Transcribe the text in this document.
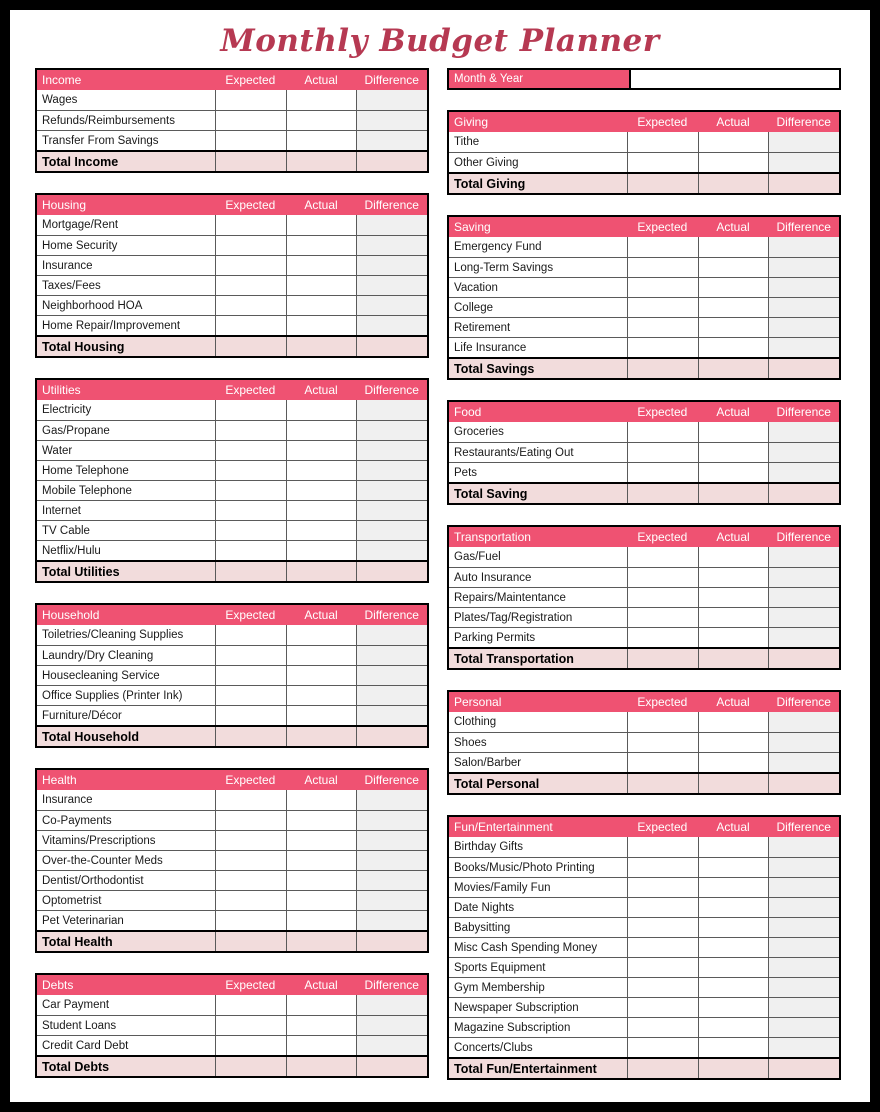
Monthly Budget Planner
Income	Expected	Actual	Difference
Wages
Refunds/Reimbursements
Transfer From Savings
Total Income
Housing	Expected	Actual	Difference
Mortgage/Rent
Home Security
Insurance
Taxes/Fees
Neighborhood HOA
Home Repair/Improvement
Total Housing
Utilities	Expected	Actual	Difference
Electricity
Gas/Propane
Water
Home Telephone
Mobile Telephone
Internet
TV Cable
Netflix/Hulu
Total Utilities
Household	Expected	Actual	Difference
Toiletries/Cleaning Supplies
Laundry/Dry Cleaning
Housecleaning Service
Office Supplies (Printer Ink)
Furniture/Décor
Total Household
Health	Expected	Actual	Difference
Insurance
Co-Payments
Vitamins/Prescriptions
Over-the-Counter Meds
Dentist/Orthodontist
Optometrist
Pet Veterinarian
Total Health
Debts	Expected	Actual	Difference
Car Payment
Student Loans
Credit Card Debt
Total Debts
Month & Year
Giving	Expected	Actual	Difference
Tithe
Other Giving
Total Giving
Saving	Expected	Actual	Difference
Emergency Fund
Long-Term Savings
Vacation
College
Retirement
Life Insurance
Total Savings
Food	Expected	Actual	Difference
Groceries
Restaurants/Eating Out
Pets
Total Saving
Transportation	Expected	Actual	Difference
Gas/Fuel
Auto Insurance
Repairs/Maintentance
Plates/Tag/Registration
Parking Permits
Total Transportation
Personal	Expected	Actual	Difference
Clothing
Shoes
Salon/Barber
Total Personal
Fun/Entertainment	Expected	Actual	Difference
Birthday Gifts
Books/Music/Photo Printing
Movies/Family Fun
Date Nights
Babysitting
Misc Cash Spending Money
Sports Equipment
Gym Membership
Newspaper Subscription
Magazine Subscription
Concerts/Clubs
Total Fun/Entertainment
